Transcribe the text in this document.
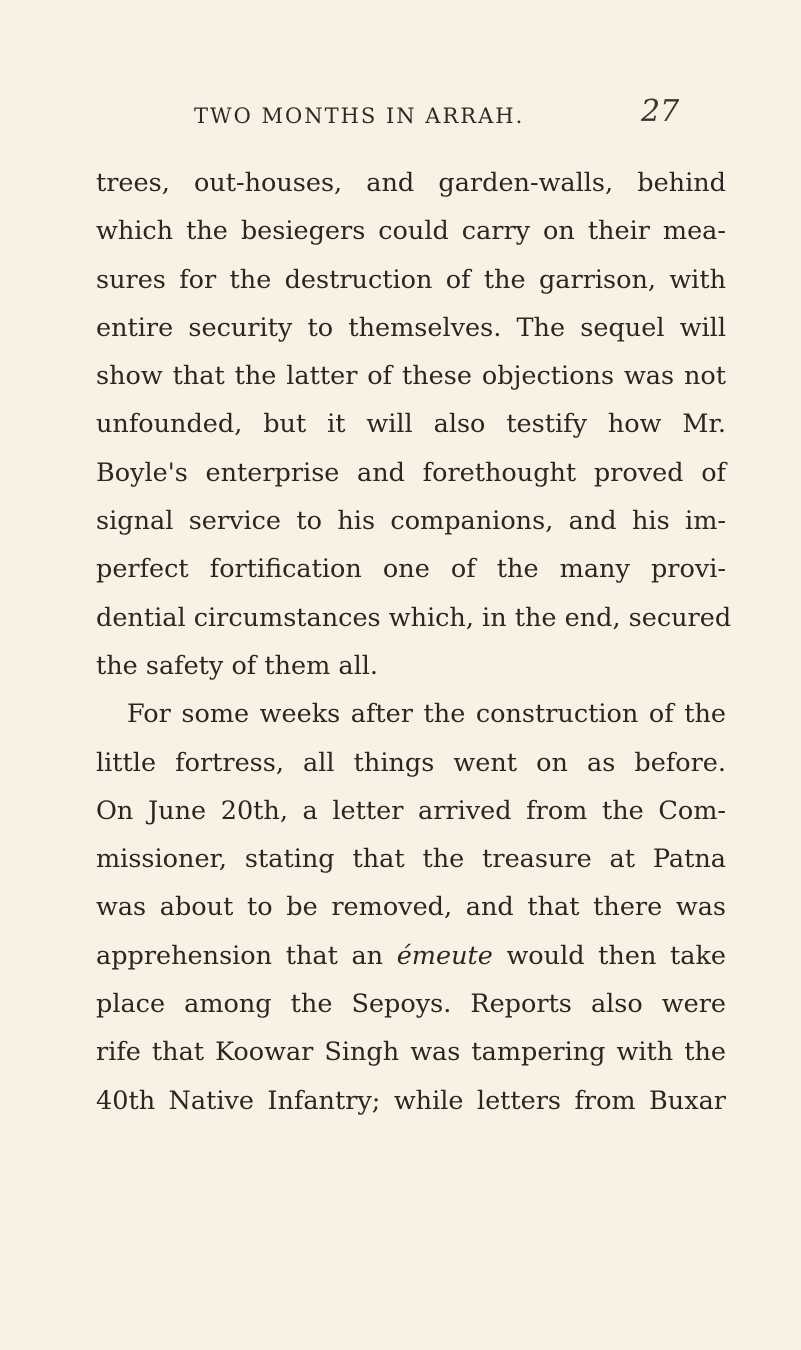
TWO MONTHS IN ARRAH.	27
trees, out-houses, and garden-walls, behind
which the besiegers could carry on their mea-
sures for the destruction of the garrison, with
entire security to themselves. The sequel will
show that the latter of these objections was not
unfounded, but it will also testify how Mr.
Boyle's enterprise and forethought proved of
signal service to his companions, and his im-
perfect fortification one of the many provi-
dential circumstances which, in the end, secured
the safety of them all.
For some weeks after the construction of the
little fortress, all things went on as before.
On June 20th, a letter arrived from the Com-
missioner, stating that the treasure at Patna
was about to be removed, and that there was
apprehension that an émeute would then take
place among the Sepoys. Reports also were
rife that Koowar Singh was tampering with the
40th Native Infantry; while letters from Buxar
